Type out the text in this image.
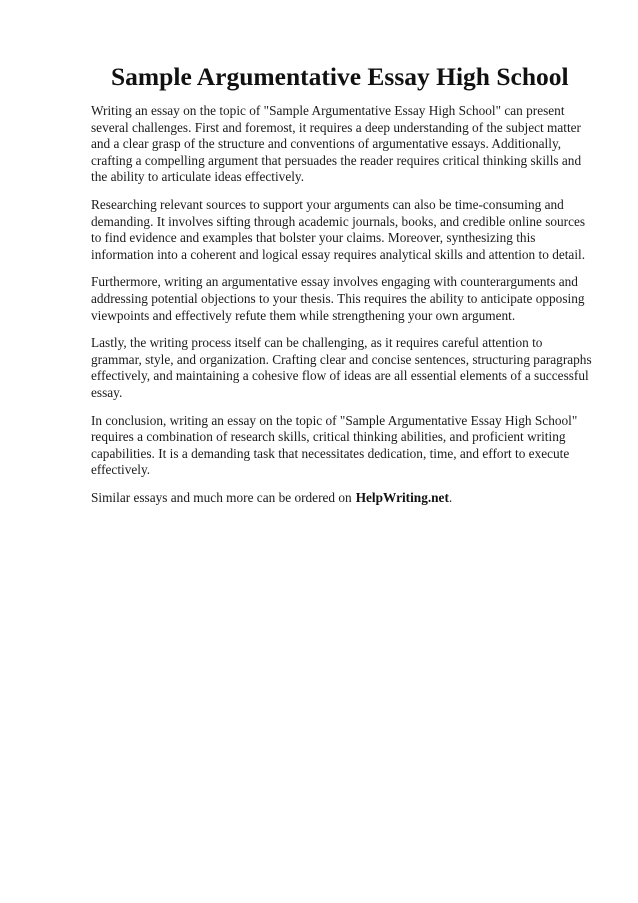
Sample Argumentative Essay High School

Writing an essay on the topic of "Sample Argumentative Essay High School" can present several challenges. First and foremost, it requires a deep understanding of the subject matter and a clear grasp of the structure and conventions of argumentative essays. Additionally, crafting a compelling argument that persuades the reader requires critical thinking skills and the ability to articulate ideas effectively.

Researching relevant sources to support your arguments can also be time-consuming and demanding. It involves sifting through academic journals, books, and credible online sources to find evidence and examples that bolster your claims. Moreover, synthesizing this information into a coherent and logical essay requires analytical skills and attention to detail.

Furthermore, writing an argumentative essay involves engaging with counterarguments and addressing potential objections to your thesis. This requires the ability to anticipate opposing viewpoints and effectively refute them while strengthening your own argument.

Lastly, the writing process itself can be challenging, as it requires careful attention to grammar, style, and organization. Crafting clear and concise sentences, structuring paragraphs effectively, and maintaining a cohesive flow of ideas are all essential elements of a successful essay.

In conclusion, writing an essay on the topic of "Sample Argumentative Essay High School" requires a combination of research skills, critical thinking abilities, and proficient writing capabilities. It is a demanding task that necessitates dedication, time, and effort to execute effectively.

Similar essays and much more can be ordered on HelpWriting.net.
